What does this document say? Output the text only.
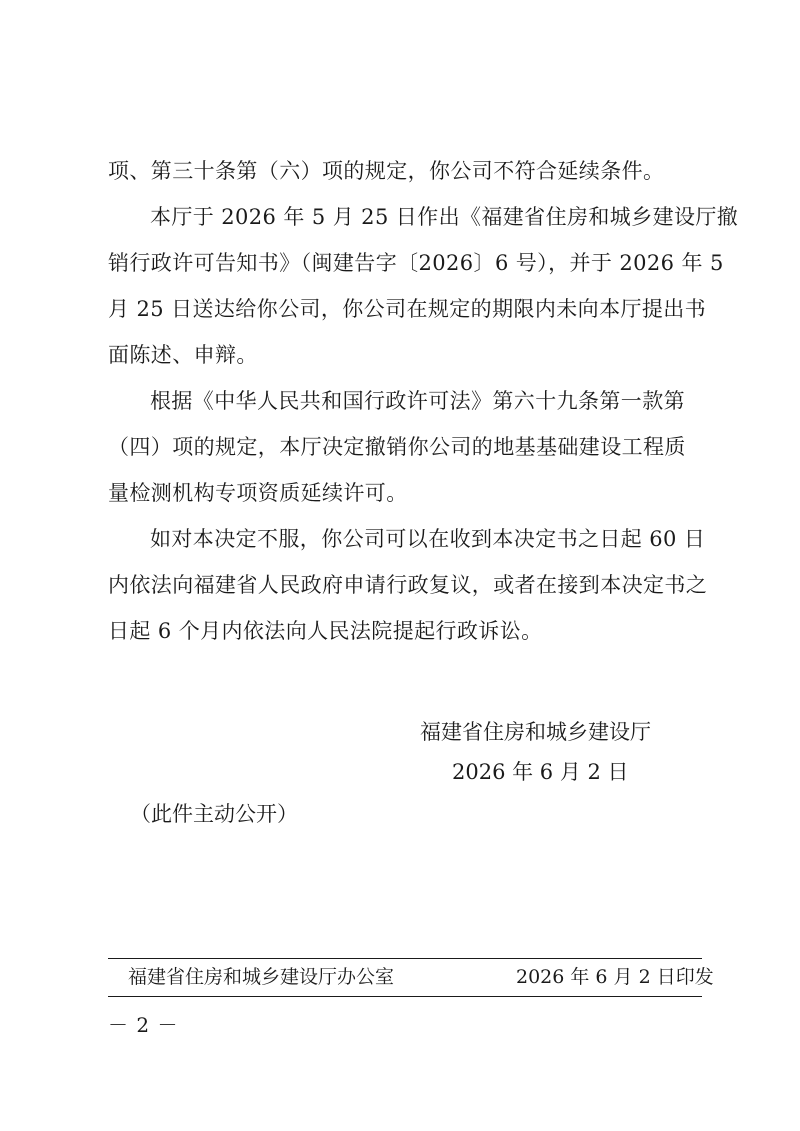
项、第三十条第（六）项的规定，你公司不符合延续条件。
本厅于 2026 年 5 月 25 日作出《福建省住房和城乡建设厅撤
销行政许可告知书》（闽建告字〔2026〕6 号），并于 2026 年 5
月 25 日送达给你公司，你公司在规定的期限内未向本厅提出书
面陈述、申辩。
根据《中华人民共和国行政许可法》第六十九条第一款第
（四）项的规定，本厅决定撤销你公司的地基基础建设工程质
量检测机构专项资质延续许可。
如对本决定不服，你公司可以在收到本决定书之日起 60 日
内依法向福建省人民政府申请行政复议，或者在接到本决定书之
日起 6 个月内依法向人民法院提起行政诉讼。
福建省住房和城乡建设厅
2026 年 6 月 2 日
（此件主动公开）
福建省住房和城乡建设厅办公室	2026 年 6 月 2 日印发
－ 2 －
